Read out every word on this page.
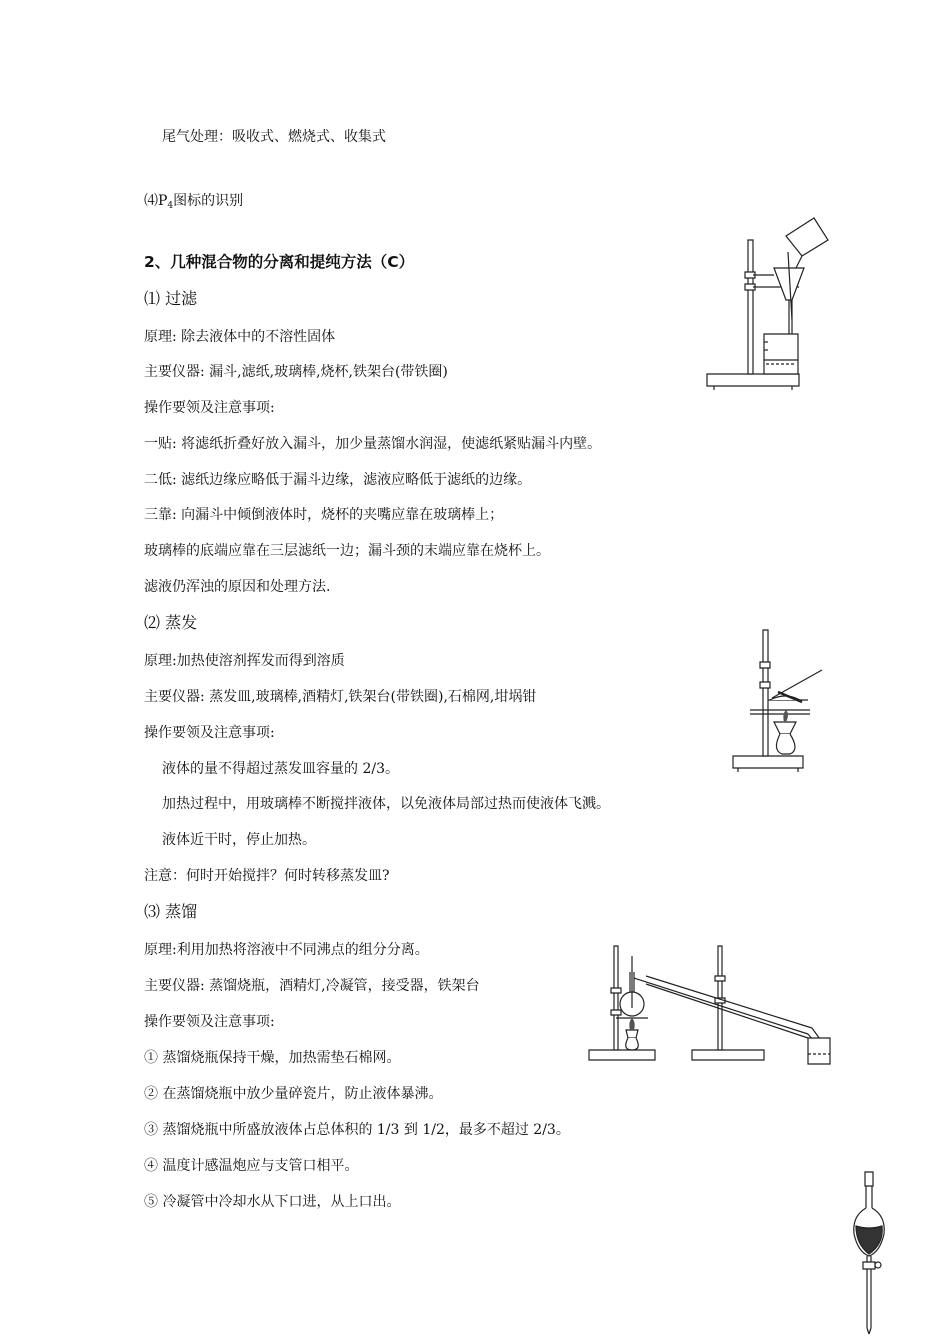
尾气处理：吸收式、燃烧式、收集式
$⑷P_4$图标的识别
2、几种混合物的分离和提纯方法（C）
⑴ 过滤
原理: 除去液体中的不溶性固体
主要仪器: 漏斗,滤纸,玻璃棒,烧杯,铁架台(带铁圈)
操作要领及注意事项:
一贴: 将滤纸折叠好放入漏斗，加少量蒸馏水润湿，使滤纸紧贴漏斗内壁。
二低: 滤纸边缘应略低于漏斗边缘，滤液应略低于滤纸的边缘。
三靠: 向漏斗中倾倒液体时，烧杯的夹嘴应靠在玻璃棒上；
玻璃棒的底端应靠在三层滤纸一边；漏斗颈的末端应靠在烧杯上。
滤液仍浑浊的原因和处理方法.
⑵ 蒸发
原理:加热使溶剂挥发而得到溶质
主要仪器: 蒸发皿,玻璃棒,酒精灯,铁架台(带铁圈),石棉网,坩埚钳
操作要领及注意事项:
液体的量不得超过蒸发皿容量的 2/3。
加热过程中，用玻璃棒不断搅拌液体，以免液体局部过热而使液体飞溅。
液体近干时，停止加热。
注意：何时开始搅拌？何时转移蒸发皿?
⑶ 蒸馏
原理:利用加热将溶液中不同沸点的组分分离。
主要仪器: 蒸馏烧瓶，酒精灯,冷凝管，接受器，铁架台
操作要领及注意事项:
① 蒸馏烧瓶保持干燥，加热需垫石棉网。
② 在蒸馏烧瓶中放少量碎瓷片，防止液体暴沸。
③ 蒸馏烧瓶中所盛放液体占总体积的 1/3 到 1/2，最多不超过 2/3。
④ 温度计感温炮应与支管口相平。
⑤ 冷凝管中冷却水从下口进，从上口出。
